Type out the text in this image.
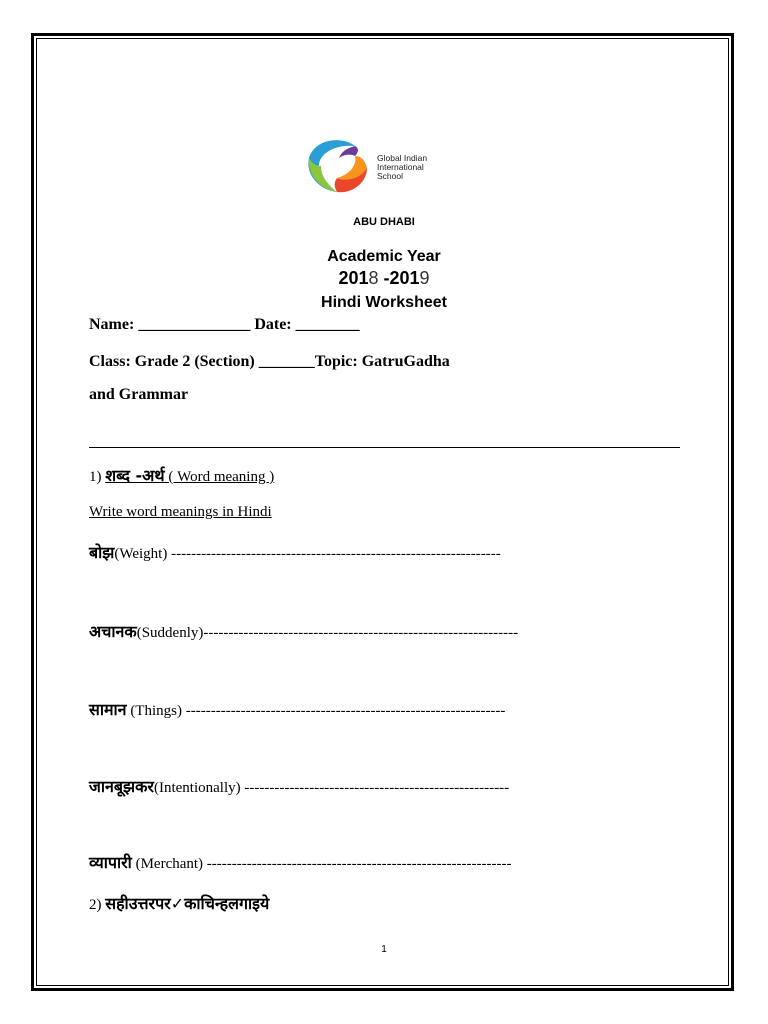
Global Indian
International
School
ABU DHABI
Academic Year
2018 -2019
Hindi Worksheet
Name: ______________ Date: ________
Class: Grade 2 (Section) _______Topic: GatruGadha
and Grammar
1) शब्द -अर्थ ( Word meaning )
Write word meanings in Hindi
बोझ(Weight) ------------------------------------------------------------------
अचानक(Suddenly)---------------------------------------------------------------
सामान (Things) ----------------------------------------------------------------
जानबूझकर(Intentionally) -----------------------------------------------------
व्यापारी (Merchant) -------------------------------------------------------------
2) सहीउत्तरपर✓काचिन्हलगाइये
1
